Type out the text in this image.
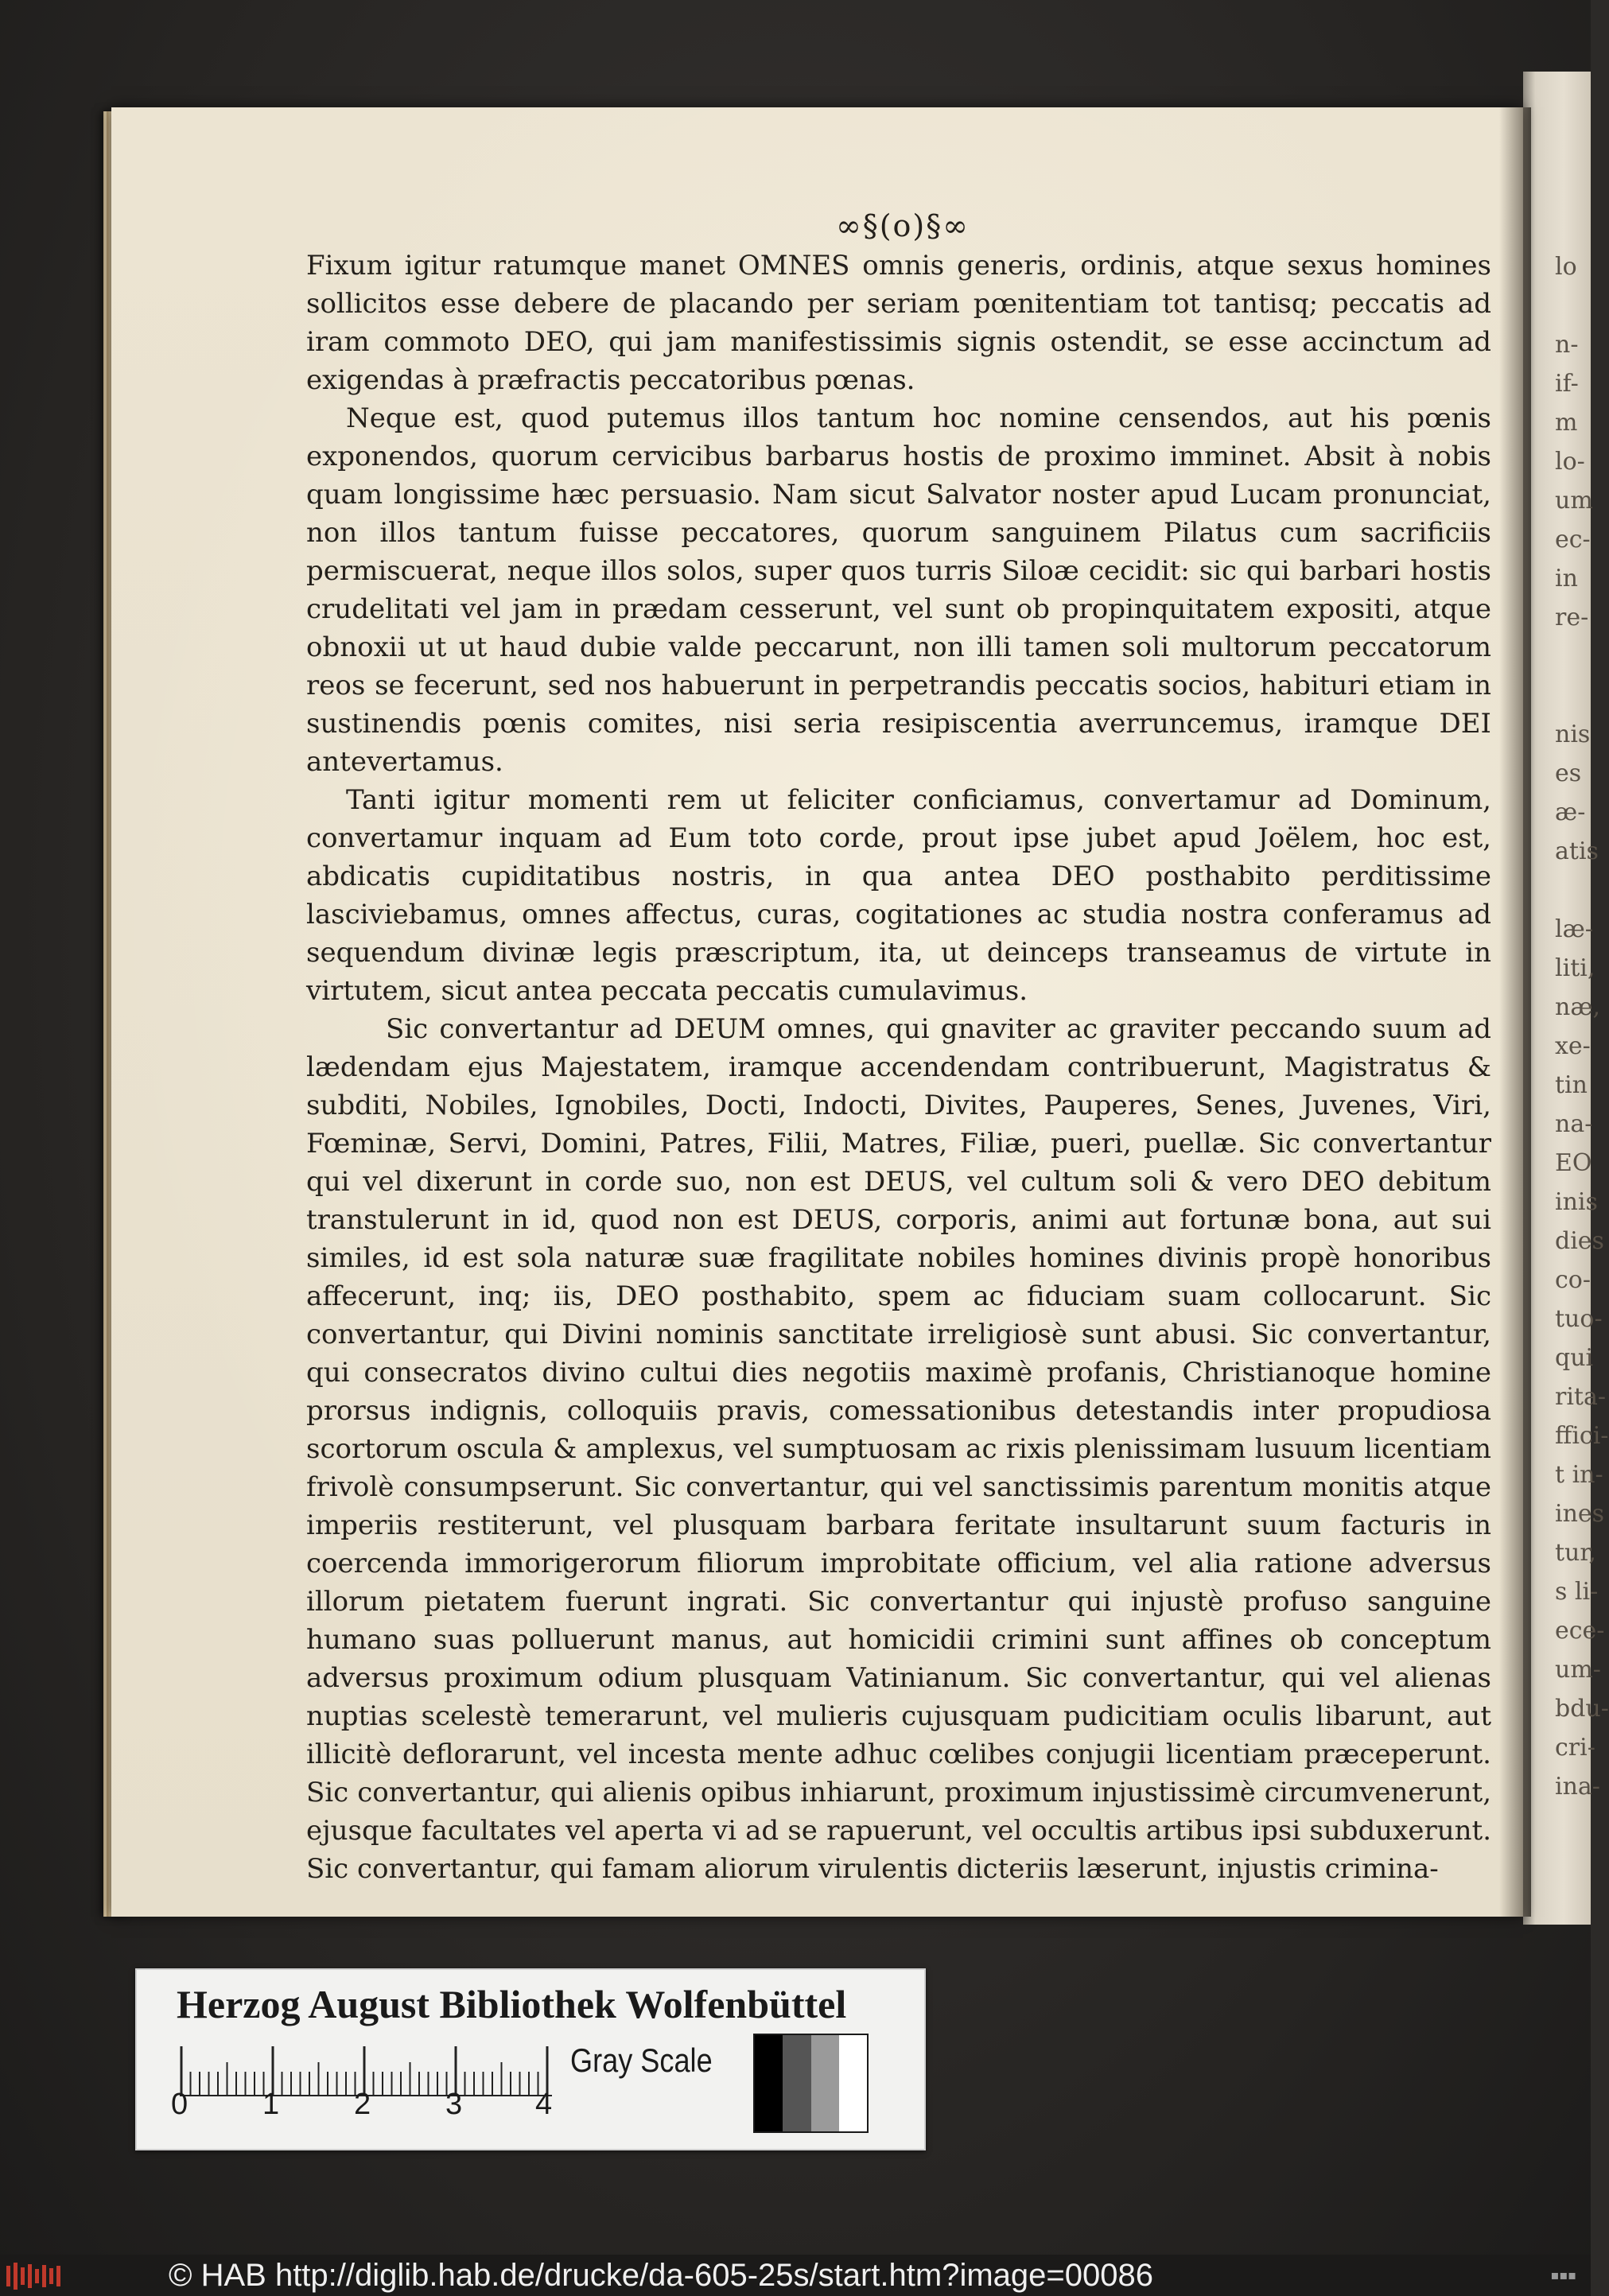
lo
n-
if-
m
lo-
um
ec-
in
re-
nis
es
æ-
atis
læ-
liti,
næ,
xe-
tin
na-
EO
inis
dies
co-
tuo-
qui
rita-
ffici-
t in-
ines
tur,
s li-
ece-
um-
bdu-
cri-
ina-
∞§(o)§∞

Fixum igitur ratumque manet OMNES omnis generis, ordinis, atque sexus homines sollicitos esse debere de placando per seriam pœnitentiam tot tantisq; peccatis ad iram commoto DEO, qui jam manifestissimis signis ostendit, se esse accinctum ad exigendas à præfractis peccatoribus pœnas.

Neque est, quod putemus illos tantum hoc nomine censendos, aut his pœnis exponendos, quorum cervicibus barbarus hostis de proximo imminet. Absit à nobis quam longissime hæc persuasio. Nam sicut Salvator noster apud Lucam pronunciat, non illos tantum fuisse peccatores, quorum sanguinem Pilatus cum sacrificiis permiscuerat, neque illos solos, super quos turris Siloæ cecidit: sic qui barbari hostis crudelitati vel jam in prædam cesserunt, vel sunt ob propinquitatem expositi, atque obnoxii ut ut haud dubie valde peccarunt, non illi tamen soli multorum peccatorum reos se fecerunt, sed nos habuerunt in perpetrandis peccatis socios, habituri etiam in sustinendis pœnis comites, nisi seria resipiscentia averruncemus, iramque DEI antevertamus.

Tanti igitur momenti rem ut feliciter conficiamus, convertamur ad Dominum, convertamur inquam ad Eum toto corde, prout ipse jubet apud Joëlem, hoc est, abdicatis cupiditatibus nostris, in qua antea DEO posthabito perditissime lasciviebamus, omnes affectus, curas, cogitationes ac studia nostra conferamus ad sequendum divinæ legis præscriptum, ita, ut deinceps transeamus de virtute in virtutem, sicut antea peccata peccatis cumulavimus.

Sic convertantur ad DEUM omnes, qui gnaviter ac graviter peccando suum ad lædendam ejus Majestatem, iramque accendendam contribuerunt, Magistratus & subditi, Nobiles, Ignobiles, Docti, Indocti, Divites, Pauperes, Senes, Juvenes, Viri, Fœminæ, Servi, Domini, Patres, Filii, Matres, Filiæ, pueri, puellæ. Sic convertantur qui vel dixerunt in corde suo, non est DEUS, vel cultum soli & vero DEO debitum transtulerunt in id, quod non est DEUS, corporis, animi aut fortunæ bona, aut sui similes, id est sola naturæ suæ fragilitate nobiles homines divinis propè honoribus affecerunt, inq; iis, DEO posthabito, spem ac fiduciam suam collocarunt. Sic convertantur, qui Divini nominis sanctitate irreligiosè sunt abusi. Sic convertantur, qui consecratos divino cultui dies negotiis maximè profanis, Christianoque homine prorsus indignis, colloquiis pravis, comessationibus detestandis inter propudiosa scortorum oscula & amplexus, vel sumptuosam ac rixis plenissimam lusuum licentiam frivolè consumpserunt. Sic convertantur, qui vel sanctissimis parentum monitis atque imperiis restiterunt, vel plusquam barbara feritate insultarunt suum facturis in coercenda immorigerorum filiorum improbitate officium, vel alia ratione adversus illorum pietatem fuerunt ingrati. Sic convertantur qui injustè profuso sanguine humano suas polluerunt manus, aut homicidii crimini sunt affines ob conceptum adversus proximum odium plusquam Vatinianum. Sic convertantur, qui vel alienas nuptias scelestè temerarunt, vel mulieris cujusquam pudicitiam oculis libarunt, aut illicitè deflorarunt, vel incesta mente adhuc cœlibes conjugii licentiam præceperunt. Sic convertantur, qui alienis opibus inhiarunt, proximum injustissimè circumvenerunt, ejusque facultates vel aperta vi ad se rapuerunt, vel occultis artibus ipsi subduxerunt. Sic convertantur, qui famam aliorum virulentis dicteriis læserunt, injustis crimina-

Herzog August Bibliothek Wolfenbüttel
Gray Scale
0 1 2 3 4
© HAB http://diglib.hab.de/drucke/da-605-25s/start.htm?image=00086	▪▪▪
